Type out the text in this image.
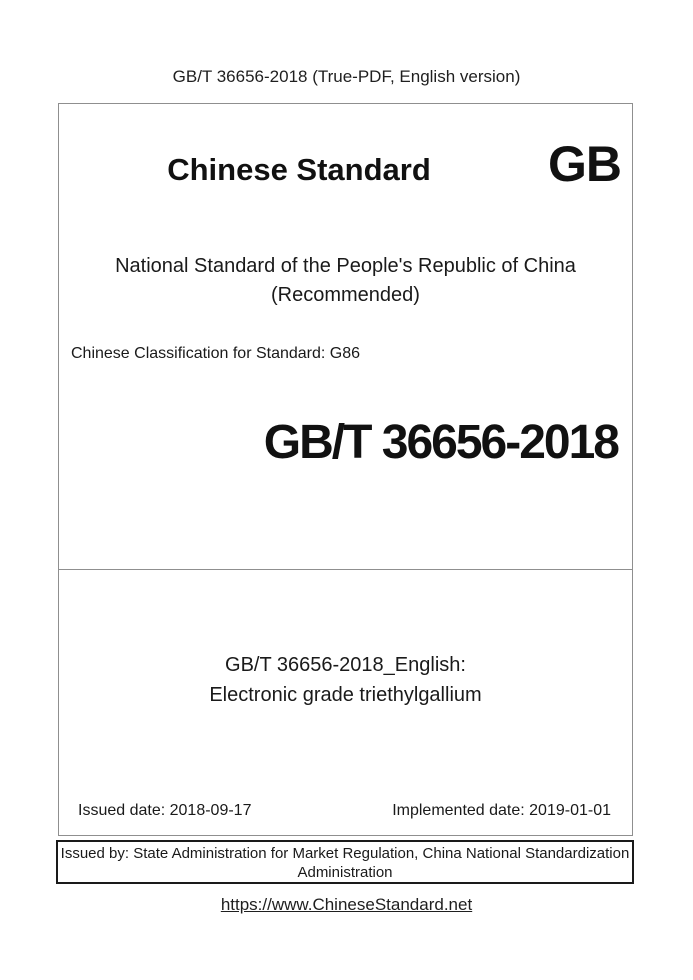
GB/T 36656-2018 (True-PDF, English version)
Chinese Standard	GB
National Standard of the People's Republic of China
(Recommended)
Chinese Classification for Standard: G86
GB/T 36656-2018
GB/T 36656-2018_English:
Electronic grade triethylgallium
Issued date: 2018-09-17	Implemented date: 2019-01-01
Issued by: State Administration for Market Regulation, China National Standardization
Administration
https://www.ChineseStandard.net
